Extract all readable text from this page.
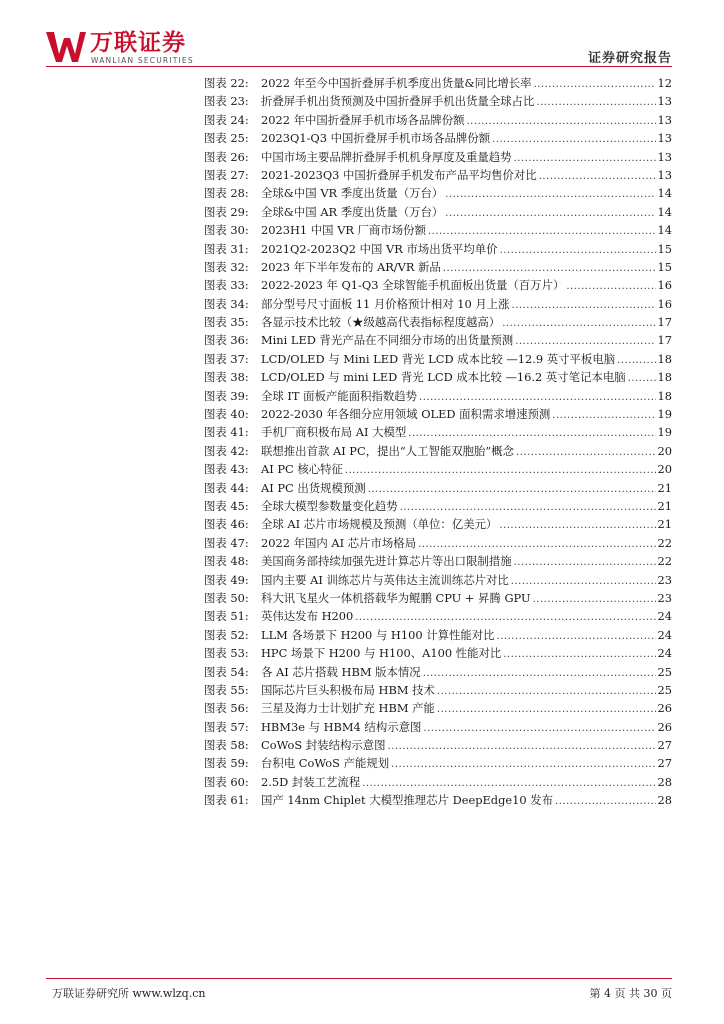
万联证券
WANLIAN SECURITIES	证券研究报告
图表 22:	2022 年至今中国折叠屏手机季度出货量&同比增长率 .....	12
图表 23:	折叠屏手机出货预测及中国折叠屏手机出货量全球占比 .....	13
图表 24:	2022 年中国折叠屏手机市场各品牌份额 .....	13
图表 25:	2023Q1-Q3 中国折叠屏手机市场各品牌份额 .....	13
图表 26:	中国市场主要品牌折叠屏手机机身厚度及重量趋势 .....	13
图表 27:	2021-2023Q3 中国折叠屏手机发布产品平均售价对比 .....	13
图表 28:	全球&中国 VR 季度出货量（万台） .....	14
图表 29:	全球&中国 AR 季度出货量（万台） .....	14
图表 30:	2023H1 中国 VR 厂商市场份额 .....	14
图表 31:	2021Q2-2023Q2 中国 VR 市场出货平均单价 .....	15
图表 32:	2023 年下半年发布的 AR/VR 新品 .....	15
图表 33:	2022-2023 年 Q1-Q3 全球智能手机面板出货量（百万片） .....	16
图表 34:	部分型号尺寸面板 11 月价格预计相对 10 月上涨 .....	16
图表 35:	各显示技术比较（★级越高代表指标程度越高） .....	17
图表 36:	Mini LED 背光产品在不同细分市场的出货量预测 .....	17
图表 37:	LCD/OLED 与 Mini LED 背光 LCD 成本比较 —12.9 英寸平板电脑 .....	18
图表 38:	LCD/OLED 与 mini LED 背光 LCD 成本比较 —16.2 英寸笔记本电脑 .....	18
图表 39:	全球 IT 面板产能面积指数趋势 .....	18
图表 40:	2022-2030 年各细分应用领域 OLED 面积需求增速预测 .....	19
图表 41:	手机厂商积极布局 AI 大模型 .....	19
图表 42:	联想推出首款 AI PC，提出“人工智能双胞胎”概念 .....	20
图表 43:	AI PC 核心特征 .....	20
图表 44:	AI PC 出货规模预测 .....	21
图表 45:	全球大模型参数量变化趋势 .....	21
图表 46:	全球 AI 芯片市场规模及预测（单位：亿美元） .....	21
图表 47:	2022 年国内 AI 芯片市场格局 .....	22
图表 48:	美国商务部持续加强先进计算芯片等出口限制措施 .....	22
图表 49:	国内主要 AI 训练芯片与英伟达主流训练芯片对比 .....	23
图表 50:	科大讯飞星火一体机搭载华为鲲鹏 CPU + 昇腾 GPU .....	23
图表 51:	英伟达发布 H200 .....	24
图表 52:	LLM 各场景下 H200 与 H100 计算性能对比 .....	24
图表 53:	HPC 场景下 H200 与 H100、A100 性能对比 .....	24
图表 54:	各 AI 芯片搭载 HBM 版本情况 .....	25
图表 55:	国际芯片巨头积极布局 HBM 技术 .....	25
图表 56:	三星及海力士计划扩充 HBM 产能 .....	26
图表 57:	HBM3e 与 HBM4 结构示意图 .....	26
图表 58:	CoWoS 封装结构示意图 .....	27
图表 59:	台积电 CoWoS 产能规划 .....	27
图表 60:	2.5D 封装工艺流程 .....	28
图表 61:	国产 14nm Chiplet 大模型推理芯片 DeepEdge10 发布 .....	28
万联证券研究所 www.wlzq.cn	第 4 页 共 30 页
